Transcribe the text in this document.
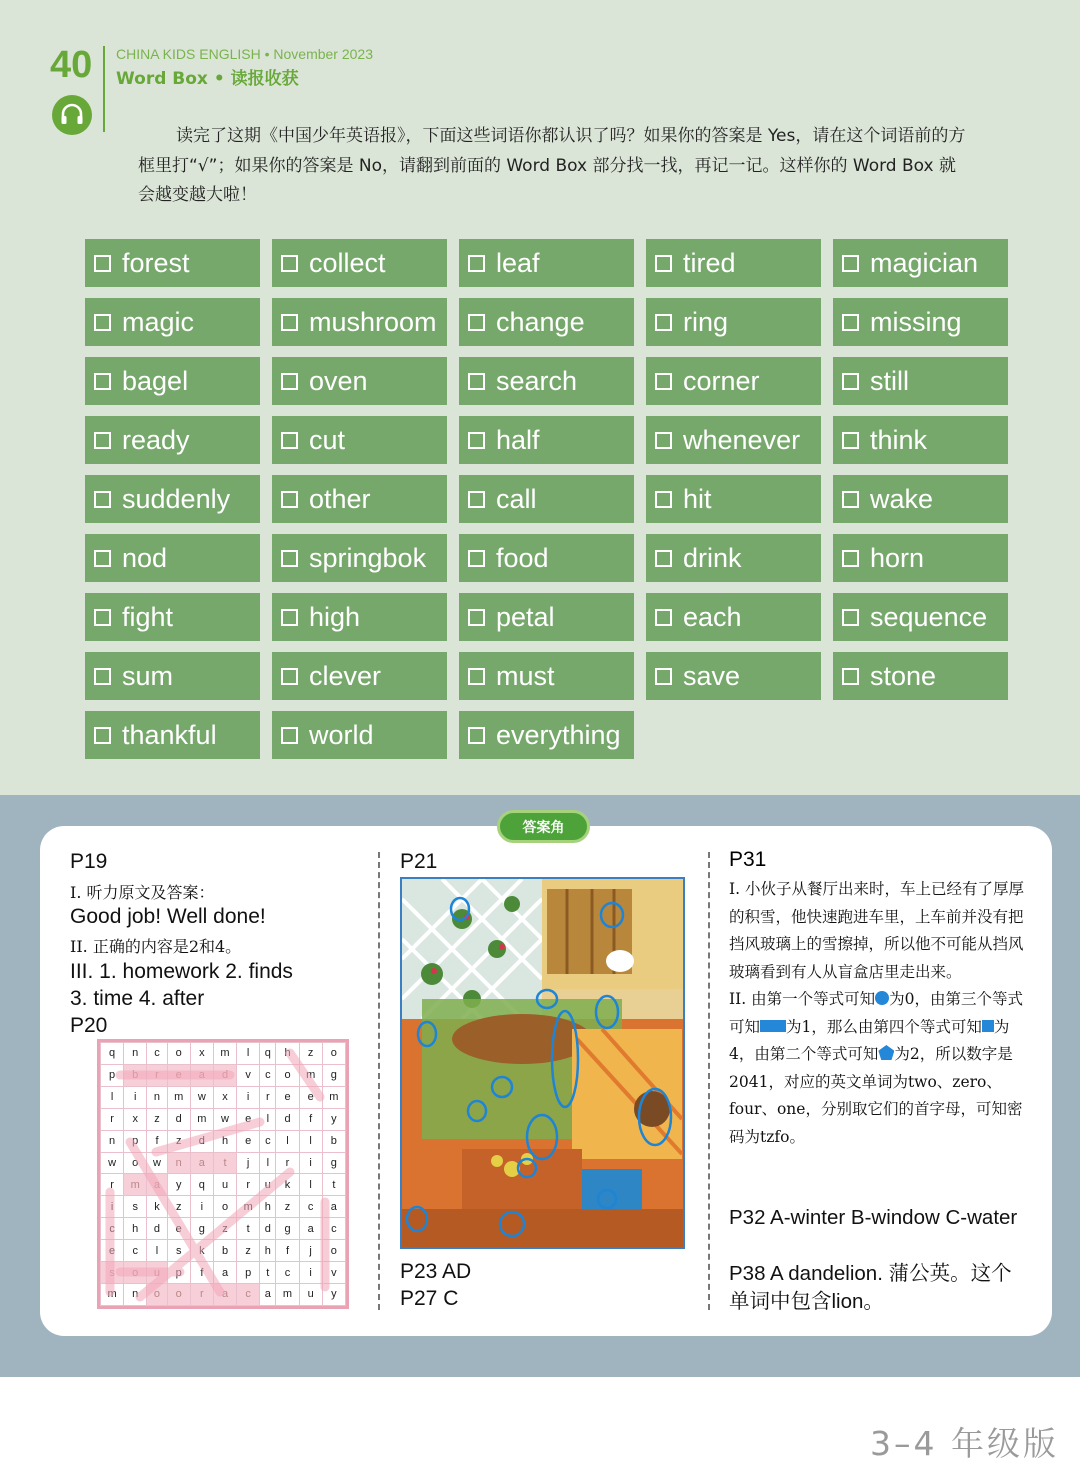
40 CHINA KIDS ENGLISH • November 2023
Word Box • 读报收获
读完了这期《中国少年英语报》，下面这些词语你都认识了吗？如果你的答案是 Yes，请在这个词语前的方框里打“√”；如果你的答案是 No，请翻到前面的 Word Box 部分找一找，再记一记。这样你的 Word Box 就会越变越大啦！
forest	collect	leaf	tired	magician
magic	mushroom change	ring	missing
bagel	oven	search	corner	still
ready	cut	half	whenever	think
suddenly	other	call	hit	wake
nod	springbok	food	drink	horn
fight	high	petal	each	sequence
sum	clever	must	save	stone
thankful	world	everything
答案角
P19
I. 听力原文及答案：
Good job! Well done!
II. 正确的内容是2和4。
III. 1. homework 2. finds
3. time 4. after
P20
q	n	c	o	x	m	l	q	h	z	o
p	b	r	e	a	d	v	c	o	m	g
l	i	n	m	w	x	i	r	e	e	m
r	x	z	d	m	w	e	l	d	f	y
n	p	f	z	d	h	e	c	l	l	b
w	o	w	n	a	t	j	l	r	i	g
r	m	a	y	q	u	r	u	k	l	t
i	s	k	z	i	o	m	h	z	c	a
c	h	d	e	g	z	t	d	g	a	c
e	c	l	s	k	b	z	h	f	j	o
s	o	u	p	f	a	p	t	c	i	v
m	n	o	o	r	a	c	a	m	u	y
P21
P23 AD
P27 C
P31
I. 小伙子从餐厅出来时，车上已经有了厚厚的积雪，他快速跑进车里，上车前并没有把挡风玻璃上的雪擦掉，所以他不可能从挡风玻璃看到有人从盲盒店里走出来。
II. 由第一个等式可知 为0，由第三个等式可知 为1，那么由第四个等式可知 为4，由第二个等式可知 为2，所以数字是2041，对应的英文单词为two、zero、four、one，分别取它们的首字母，可知密码为tzfo。
P32 A-winter B-window C-water
P38 A dandelion. 蒲公英。这个单词中包含lion。
3–4 年级版
